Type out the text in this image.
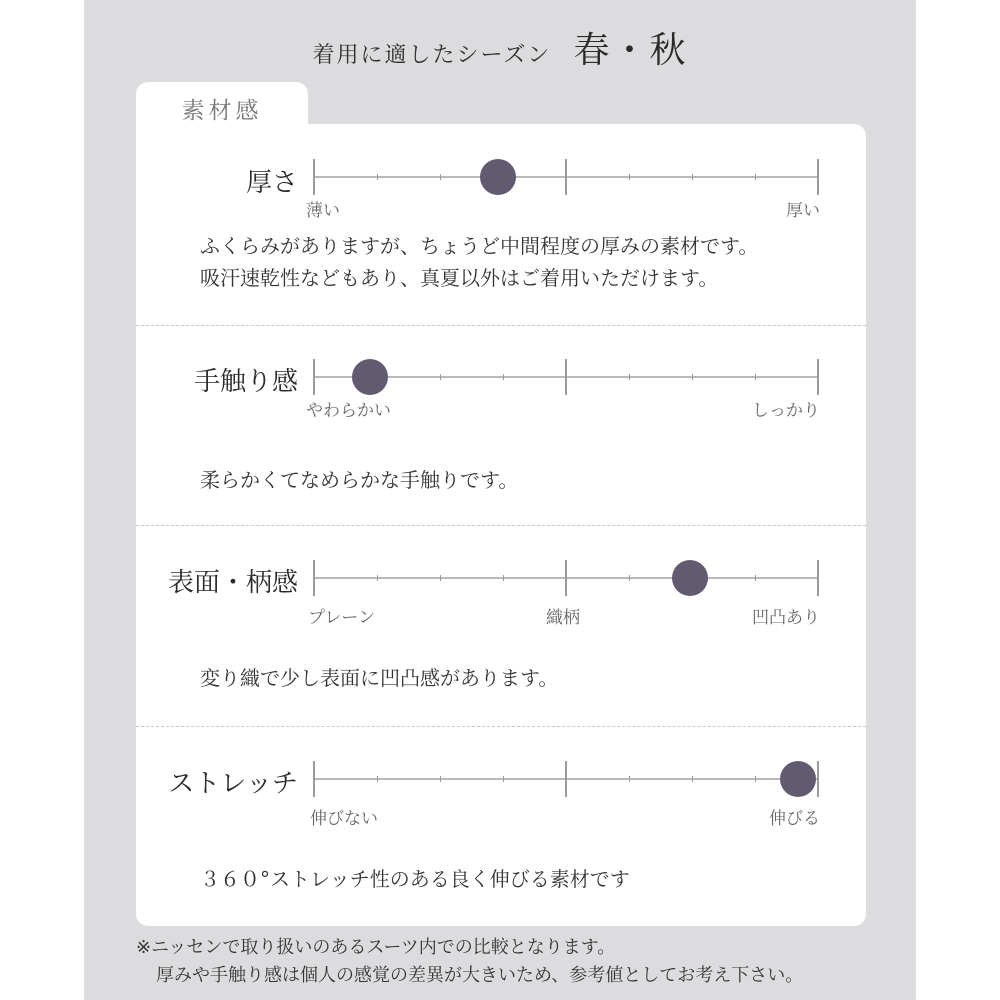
着用に適したシーズン 春・秋
素材感
厚さ
薄い	厚い
ふくらみがありますが、ちょうど中間程度の厚みの素材です。
吸汗速乾性などもあり、真夏以外はご着用いただけます。
手触り感
やわらかい	しっかり
柔らかくてなめらかな手触りです。
表面・柄感
プレーン	織柄	凹凸あり
変り織で少し表面に凹凸感があります。
ストレッチ
伸びない	伸びる
３６０°ストレッチ性のある良く伸びる素材です
※ニッセンで取り扱いのあるスーツ内での比較となります。
厚みや手触り感は個人の感覚の差異が大きいため、参考値としてお考え下さい。
